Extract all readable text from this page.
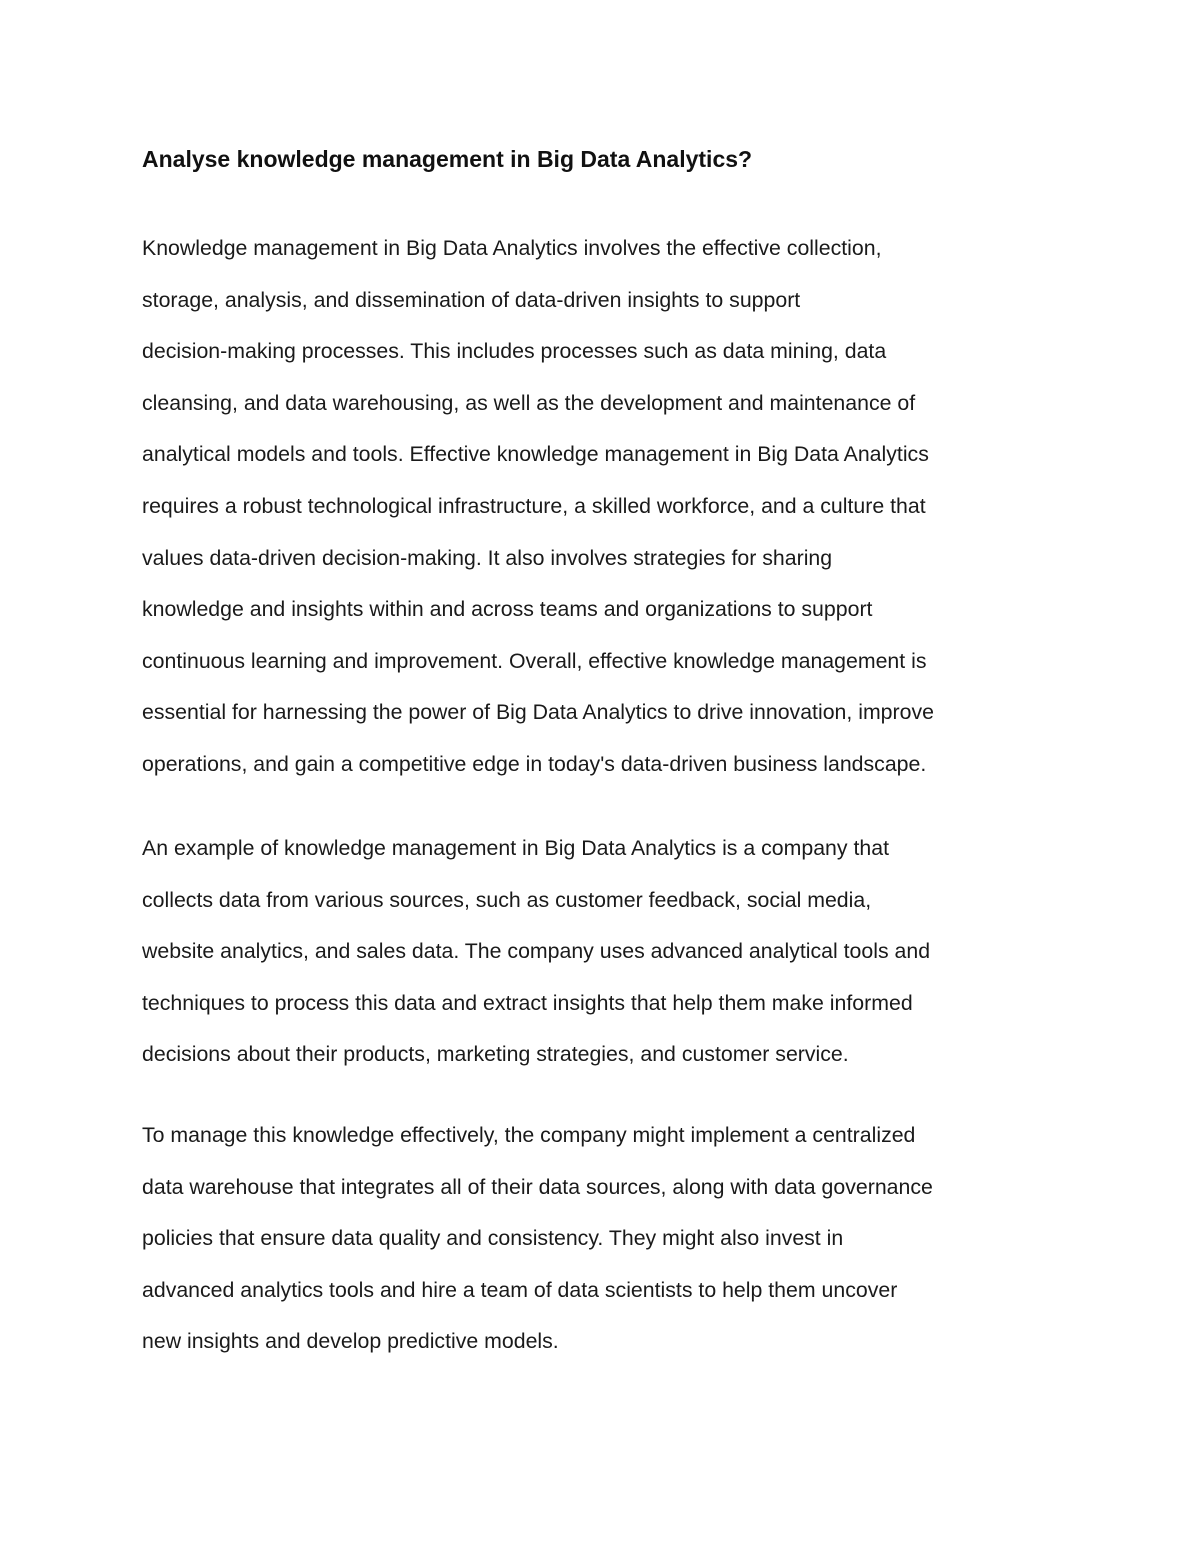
Analyse knowledge management in Big Data Analytics?

Knowledge management in Big Data Analytics involves the effective collection,
storage, analysis, and dissemination of data-driven insights to support
decision-making processes. This includes processes such as data mining, data
cleansing, and data warehousing, as well as the development and maintenance of
analytical models and tools. Effective knowledge management in Big Data Analytics
requires a robust technological infrastructure, a skilled workforce, and a culture that
values data-driven decision-making. It also involves strategies for sharing
knowledge and insights within and across teams and organizations to support
continuous learning and improvement. Overall, effective knowledge management is
essential for harnessing the power of Big Data Analytics to drive innovation, improve
operations, and gain a competitive edge in today's data-driven business landscape.

An example of knowledge management in Big Data Analytics is a company that
collects data from various sources, such as customer feedback, social media,
website analytics, and sales data. The company uses advanced analytical tools and
techniques to process this data and extract insights that help them make informed
decisions about their products, marketing strategies, and customer service.

To manage this knowledge effectively, the company might implement a centralized
data warehouse that integrates all of their data sources, along with data governance
policies that ensure data quality and consistency. They might also invest in
advanced analytics tools and hire a team of data scientists to help them uncover
new insights and develop predictive models.
